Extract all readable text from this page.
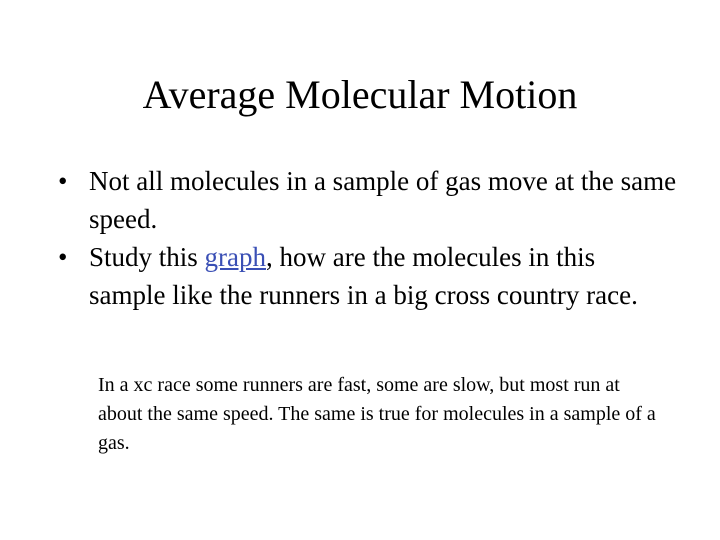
Average Molecular Motion
• Not all molecules in a sample of gas move at the same speed.
• Study this graph, how are the molecules in this sample like the runners in a big cross country race.

In a xc race some runners are fast, some are slow, but most run at about the same speed. The same is true for molecules in a sample of a gas.
